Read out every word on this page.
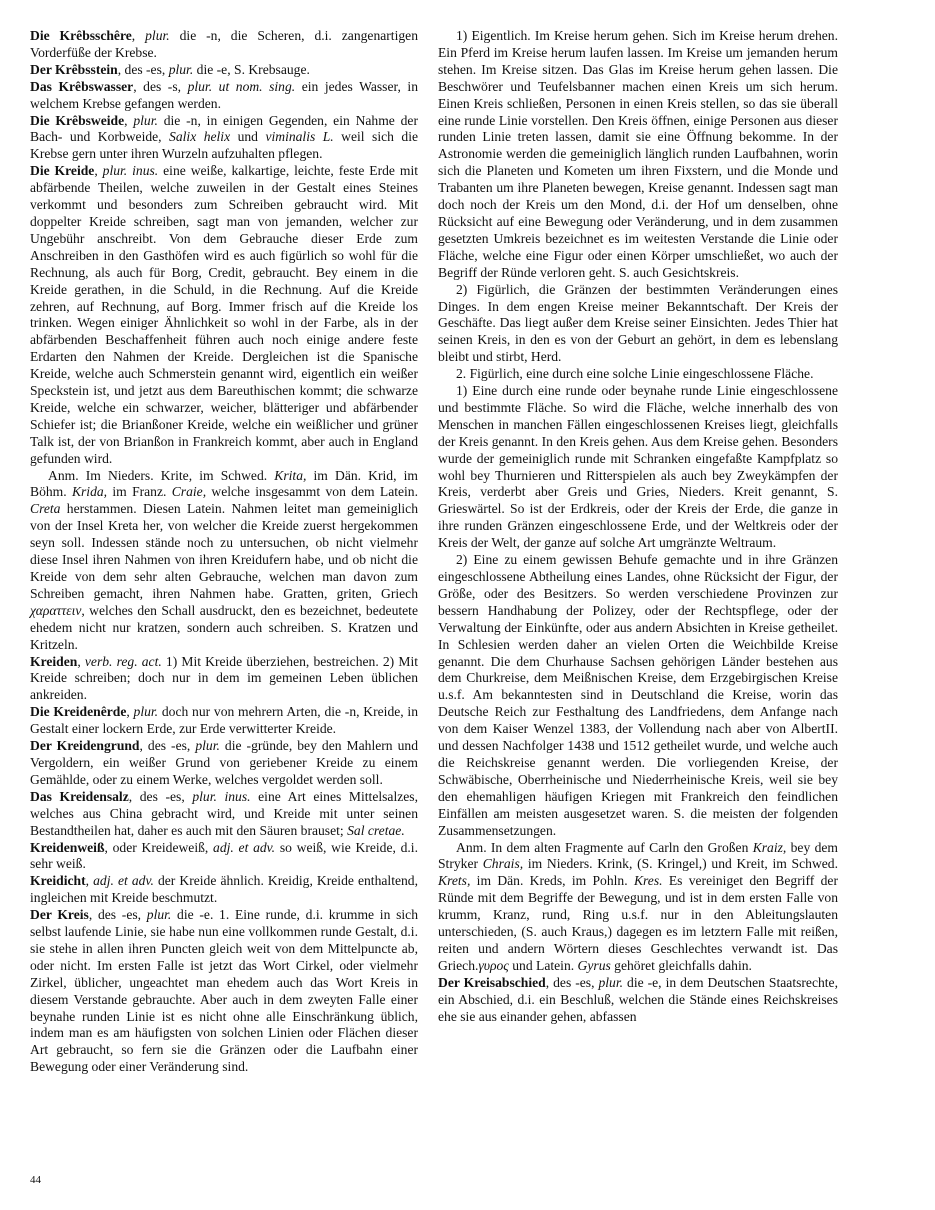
Die Krêbsschêre, plur. die -n, die Scheren, d.i. zangenartigen Vorderfüße der Krebse.

Der Krêbsstein, des -es, plur. die -e, S. Krebsauge.

Das Krêbswasser, des -s, plur. ut nom. sing. ein jedes Wasser, in welchem Krebse gefangen werden.

Die Krêbsweide, plur. die -n, in einigen Gegenden, ein Nahme der Bach- und Korbweide, Salix helix und viminalis L. weil sich die Krebse gern unter ihren Wurzeln aufzuhalten pflegen.

Die Kreide, plur. inus. eine weiße, kalkartige, leichte, feste Erde mit abfärbende Theilen, welche zuweilen in der Gestalt eines Steines verkommt und besonders zum Schreiben gebraucht wird. Mit doppelter Kreide schreiben, sagt man von jemanden, welcher zur Ungebühr anschreibt. Von dem Gebrauche dieser Erde zum Anschreiben in den Gasthöfen wird es auch figürlich so wohl für die Rechnung, als auch für Borg, Credit, gebraucht. Bey einem in die Kreide gerathen, in die Schuld, in die Rechnung. Auf die Kreide zehren, auf Rechnung, auf Borg. Immer frisch auf die Kreide los trinken. Wegen einiger Ähnlichkeit so wohl in der Farbe, als in der abfärbenden Beschaffenheit führen auch noch einige andere feste Erdarten den Nahmen der Kreide. Dergleichen ist die Spanische Kreide, welche auch Schmerstein genannt wird, eigentlich ein weißer Speckstein ist, und jetzt aus dem Bareuthischen kommt; die schwarze Kreide, welche ein schwarzer, weicher, blätteriger und abfärbender Schiefer ist; die Brianßoner Kreide, welche ein weißlicher und grüner Talk ist, der von Brianßon in Frankreich kommt, aber auch in England gefunden wird.

Anm. Im Nieders. Krite, im Schwed. Krita, im Dän. Krid, im Böhm. Krida, im Franz. Craie, welche insgesammt von dem Latein. Creta herstammen. Diesen Latein. Nahmen leitet man gemeiniglich von der Insel Kreta her, von welcher die Kreide zuerst hergekommen seyn soll. Indessen stände noch zu untersuchen, ob nicht vielmehr diese Insel ihren Nahmen von ihren Kreidufern habe, und ob nicht die Kreide von dem sehr alten Gebrauche, welchen man davon zum Schreiben gemacht, ihren Nahmen habe. Gratten, griten, Griech χαραττειν, welches den Schall ausdruckt, den es bezeichnet, bedeutete ehedem nicht nur kratzen, sondern auch schreiben. S. Kratzen und Kritzeln.

Kreiden, verb. reg. act. 1) Mit Kreide überziehen, bestreichen. 2) Mit Kreide schreiben; doch nur in dem im gemeinen Leben üblichen ankreiden.

Die Kreidenêrde, plur. doch nur von mehrern Arten, die -n, Kreide, in Gestalt einer lockern Erde, zur Erde verwitterter Kreide.

Der Kreidengrund, des -es, plur. die -gründe, bey den Mahlern und Vergoldern, ein weißer Grund von geriebener Kreide zu einem Gemählde, oder zu einem Werke, welches vergoldet werden soll.

Das Kreidensalz, des -es, plur. inus. eine Art eines Mittelsalzes, welches aus China gebracht wird, und Kreide mit unter seinen Bestandtheilen hat, daher es auch mit den Säuren brauset; Sal cretae.

Kreidenweiß, oder Kreideweiß, adj. et adv. so weiß, wie Kreide, d.i. sehr weiß.

Kreidicht, adj. et adv. der Kreide ähnlich. Kreidig, Kreide enthaltend, ingleichen mit Kreide beschmutzt.

Der Kreis, des -es, plur. die -e. 1. Eine runde, d.i. krumme in sich selbst laufende Linie, sie habe nun eine vollkommen runde Gestalt, d.i. sie stehe in allen ihren Puncten gleich weit von dem Mittelpuncte ab, oder nicht. Im ersten Falle ist jetzt das Wort Cirkel, oder vielmehr Zirkel, üblicher, ungeachtet man ehedem auch das Wort Kreis in diesem Verstande gebrauchte. Aber auch in dem zweyten Falle einer beynahe runden Linie ist es nicht ohne alle Einschränkung üblich, indem man es am häufigsten von solchen Linien oder Flächen dieser Art gebraucht, so fern sie die Gränzen oder die Laufbahn einer Bewegung oder einer Veränderung sind.

1) Eigentlich. Im Kreise herum gehen. Sich im Kreise herum drehen. Ein Pferd im Kreise herum laufen lassen. Im Kreise um jemanden herum stehen. Im Kreise sitzen. Das Glas im Kreise herum gehen lassen. Die Beschwörer und Teufelsbanner machen einen Kreis um sich herum. Einen Kreis schließen, Personen in einen Kreis stellen, so das sie überall eine runde Linie vorstellen. Den Kreis öffnen, einige Personen aus dieser runden Linie treten lassen, damit sie eine Öffnung bekomme. In der Astronomie werden die gemeiniglich länglich runden Laufbahnen, worin sich die Planeten und Kometen um ihren Fixstern, und die Monde und Trabanten um ihre Planeten bewegen, Kreise genannt. Indessen sagt man doch noch der Kreis um den Mond, d.i. der Hof um denselben, ohne Rücksicht auf eine Bewegung oder Veränderung, und in dem zusammen gesetzten Umkreis bezeichnet es im weitesten Verstande die Linie oder Fläche, welche eine Figur oder einen Körper umschließet, wo auch der Begriff der Ründe verloren geht. S. auch Gesichtskreis.

2) Figürlich, die Gränzen der bestimmten Veränderungen eines Dinges. In dem engen Kreise meiner Bekanntschaft. Der Kreis der Geschäfte. Das liegt außer dem Kreise seiner Einsichten. Jedes Thier hat seinen Kreis, in den es von der Geburt an gehört, in dem es lebenslang bleibt und stirbt, Herd.

2. Figürlich, eine durch eine solche Linie eingeschlossene Fläche.

1) Eine durch eine runde oder beynahe runde Linie eingeschlossene und bestimmte Fläche. So wird die Fläche, welche innerhalb des von Menschen in manchen Fällen eingeschlossenen Kreises liegt, gleichfalls der Kreis genannt. In den Kreis gehen. Aus dem Kreise gehen. Besonders wurde der gemeiniglich runde mit Schranken eingefaßte Kampfplatz so wohl bey Thurnieren und Ritterspielen als auch bey Zweykämpfen der Kreis, verderbt aber Greis und Gries, Nieders. Kreit genannt, S. Grieswärtel. So ist der Erdkreis, oder der Kreis der Erde, die ganze in ihre runden Gränzen eingeschlossene Erde, und der Weltkreis oder der Kreis der Welt, der ganze auf solche Art umgränzte Weltraum.

2) Eine zu einem gewissen Behufe gemachte und in ihre Gränzen eingeschlossene Abtheilung eines Landes, ohne Rücksicht der Figur, der Größe, oder des Besitzers. So werden verschiedene Provinzen zur bessern Handhabung der Polizey, oder der Rechtspflege, oder der Verwaltung der Einkünfte, oder aus andern Absichten in Kreise getheilet. In Schlesien werden daher an vielen Orten die Weichbilde Kreise genannt. Die dem Churhause Sachsen gehörigen Länder bestehen aus dem Churkreise, dem Meißnischen Kreise, dem Erzgebirgischen Kreise u.s.f. Am bekanntesten sind in Deutschland die Kreise, worin das Deutsche Reich zur Festhaltung des Landfriedens, dem Anfange nach von dem Kaiser Wenzel 1383, der Vollendung nach aber von AlbertII. und dessen Nachfolger 1438 und 1512 getheilet wurde, und welche auch die Reichskreise genannt werden. Die vorliegenden Kreise, der Schwäbische, Oberrheinische und Niederrheinische Kreis, weil sie bey den ehemahligen häufigen Kriegen mit Frankreich den feindlichen Einfällen am meisten ausgesetzet waren. S. die meisten der folgenden Zusammensetzungen.

Anm. In dem alten Fragmente auf Carln den Großen Kraiz, bey dem Stryker Chrais, im Nieders. Krink, (S. Kringel,) und Kreit, im Schwed. Krets, im Dän. Kreds, im Pohln. Kres. Es vereiniget den Begriff der Ründe mit dem Begriffe der Bewegung, und ist in dem ersten Falle von krumm, Kranz, rund, Ring u.s.f. nur in den Ableitungslauten unterschieden, (S. auch Kraus,) dagegen es im letztern Falle mit reißen, reiten und andern Wörtern dieses Geschlechtes verwandt ist. Das Griech.γυρος und Latein. Gyrus gehöret gleichfalls dahin.

Der Kreisabschied, des -es, plur. die -e, in dem Deutschen Staatsrechte, ein Abschied, d.i. ein Beschluß, welchen die Stände eines Reichskreises ehe sie aus einander gehen, abfassen

44
